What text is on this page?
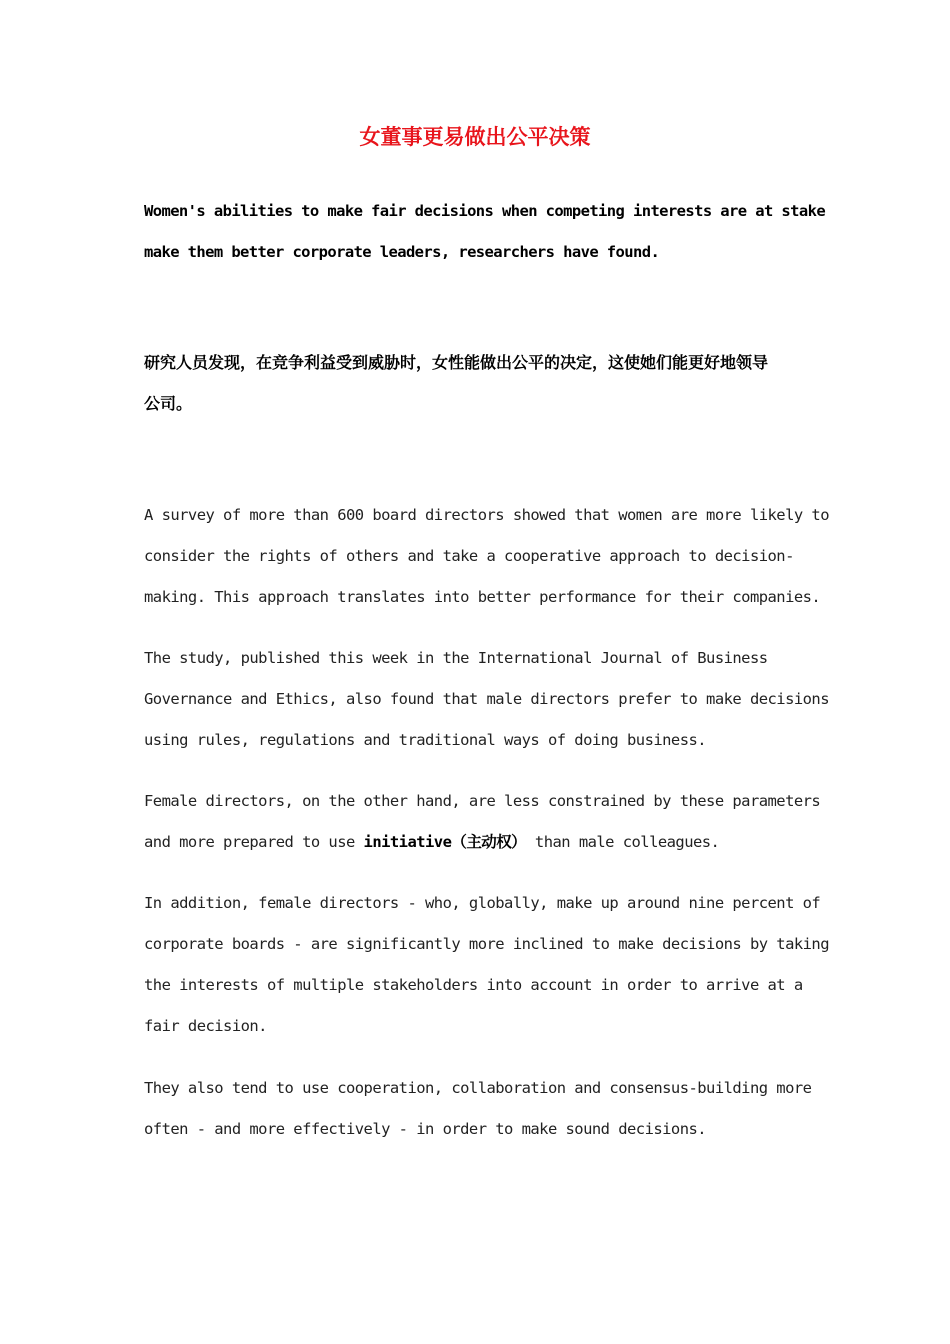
女董事更易做出公平决策

Women's abilities to make fair decisions when competing interests are at stake
make them better corporate leaders, researchers have found.

研究人员发现，在竞争利益受到威胁时，女性能做出公平的决定，这使她们能更好地领导
公司。

A survey of more than 600 board directors showed that women are more likely to
consider the rights of others and take a cooperative approach to decision-
making. This approach translates into better performance for their companies.

The study, published this week in the International Journal of Business
Governance and Ethics, also found that male directors prefer to make decisions
using rules, regulations and traditional ways of doing business.

Female directors, on the other hand, are less constrained by these parameters
and more prepared to use initiative（主动权） than male colleagues.

In addition, female directors - who, globally, make up around nine percent of
corporate boards - are significantly more inclined to make decisions by taking
the interests of multiple stakeholders into account in order to arrive at a
fair decision.

They also tend to use cooperation, collaboration and consensus-building more
often - and more effectively - in order to make sound decisions.
